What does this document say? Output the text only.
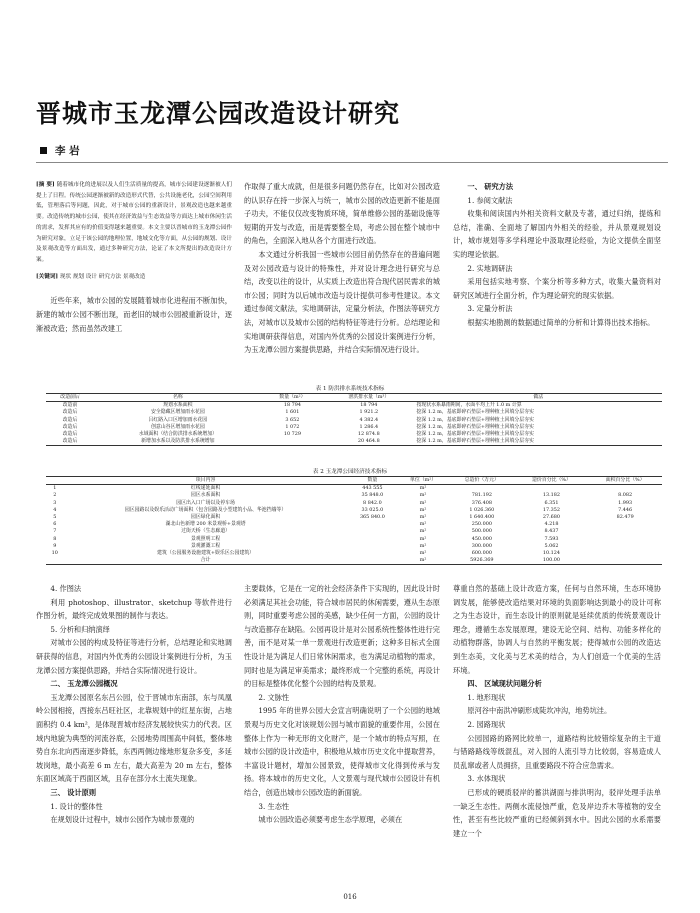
晋城市玉龙潭公园改造设计研究
李 岩

[摘 要] 随着城市化的进展以及人们生活质量的提高，城市公园建设逐渐被人们提上了日程。传统公园逐渐被新的改造形式代替，公共设施老化，公园空间利用低，管理落后等问题，因此，对于城市公园的重新设计，景观改造也越来越重要。改造传统的城市公园，使其在经济效益与生态效益等方面达上城市休闲生活的需求，发挥其应有的价值变得越来越重要。本文主要以晋城市的玉龙潭公园作为研究对象，立足于该公园的地理位置，地域文化等方面，从公园的规划、设计及景观改造等方面出发，通过多种研究方法，论证了本文所提出的改造设计方案。

[关键词] 现状 规划 设计 研究方法 景观改造

近些年来，城市公园的发展随着城市化进程而不断加快，新建的城市公园不断出现，而老旧的城市公园被重新设计，逐渐被改造；然而虽然改建工

作取得了重大成就，但是很多问题仍然存在，比如对公园改造的认识存在持一步深入与统一，城市公园的改造更新不能是面子功夫，不能仅仅改变物质环境，简单维修公园的基础设施等短期的开发与改造，而是需要整全局，考虑公园在整个城市中的角色，全面深入地从各个方面进行改造。

本文通过分析我国一些城市公园目前仍然存在的普遍问题及对公园改造与设计的特殊性，并对设计理念进行研究与总结，改变以往的设计，从实质上改造出符合现代居民需求的城市公园；同时为以后城市改造与设计提供可参考性建议。本文通过参阅文献法，实地调研法，定量分析法，作图法等研究方法，对城市以及城市公园的结构特征等进行分析。总结理论和实地调研获得信息，对国内外优秀的公园设计案例进行分析，为玉龙潭公园方案提供思路，并结合实际情况进行设计。

一、 研究方法

1. 参阅文献法

收集和阅读国内外相关资料文献及专著，通过归纳，提炼和总结，准确、全面地了解国内外相关的经验，并从景观规划设计，城市规划等多学科理论中汲取理论经验，为论文提供全面坚实的理论依据。

2. 实地调研法

采用包括实地考察、个案分析等多种方式，收集大量资料对研究区域进行全面分析，作为理论研究的现实依据。

3. 定量分析法

根据实地勘测的数据通过简单的分析和计算得出技术指标。

表 1 防洪排水系统技术指标
改造前后	名称	数量（m²）	泄洪排水量（m³）	做法
改造前	规划水系面积	18 794	18 794	按现状水系暴雨期间，水面平均上升 1.0 m 计算
改造后	安全隐藏区增加雨水花园	1 601	1 921.2	挖深 1.2 m，基底即碎石垫层+埋种植土回填分层夯实
改造后	吕红路入口区增加雨水花园	3 652	4 382.4	挖深 1.2 m，基底即碎石垫层+埋种植土回填分层夯实
改造后	创意山谷区增加雨水花园	1 072	1 286.4	挖深 1.2 m，基底即碎石垫层+埋种植土回填分层夯实
改造后	水域面积（结合防洪排水系统增加）	10 729	12 874.8	挖深 1.2 m，基底即碎石垫层+埋种植土回填分层夯实
改造后	新增加水系以及防洪排水系统增加		20 464.8	挖深 1.2 m，基底即碎石垫层+埋种植土回填分层夯实
表 2 玉龙潭公园经济技术指标
	项目内容	数量	单位（m²）	总造价（万元）	造价百分比（%）	面积百分比（%）
1	红线递延面积	443 555	m²			
2	园区水系面积	35 848.0	m²	781.192	13.182	8.082
3	园区出入口广场以及停车场	8 842.0	m²	376.408	6.351	1.993
4	园区园路以及娱乐活动广场面积（包含园路及小型建筑小品、华池挡墙等）	33 025.0	m²	1 026.360	17.352	7.446
5	园区绿化面积	365 840.0	m²	1 640.400	27.680	82.479
6	湖北山色新增 200 米景观桥+景观塔		m²	250.000	4.218	
7	过街天桥（生态廊道）		m²	500.000	8.437	
8	景观照明工程		m²	450.000	7.593	
9	景观灌溉工程		m²	300.000	5.062	
10	建筑（公园服务设施建筑+娱乐区公园建筑）		m²	600.000	10.124	
	合计		m²	5926.369	100.00	

4. 作图法

利用 photoshop、illustrator、sketchup 等软件进行作图分析，最终完成效果图的制作与表达。

5. 分析和归纳演绎

对城市公园的构成及特征等进行分析，总结理论和实地调研获得的信息，对国内外优秀的公园设计案例进行分析，为玉龙潭公园方案提供思路，并结合实际情况进行设计。

二、 玉龙潭公园概况

玉龙潭公园原名东吕公园，位于晋城市东南部，东与凤凰岭公园相接，西接东吕旺社区，北靠规划中的红星东街，占地面积约 0.4 km²，是体现晋城市经济发展较快实力的代表。区域内地貌为典型的河流谷底，公园地势周围高中间低，整体地势自东北向西南逐步降低，东西两侧边缘地形复杂多变，多延坡岗地，最小高差 6 m 左右，最大高差为 20 m 左右，整体东面区域高于西面区域，且存在部分水土流失现象。

三、 设计原则

1. 设计的整体性

在规划设计过程中，城市公园作为城市景观的

主要载体，它是在一定的社会经济条件下实现的，因此设计时必须满足其社会功能，符合城市居民的休闲需要，遵从生态原则，同时重要考虑公园的美感，缺少任何一方面，公园的设计与改造都存在缺陷。公园再设计是对公园系统性整体性进行完善，而不是对某一单一景观进行改造更新；这种多目标式全面性设计是为满足人们日常休闲需求，也为满足动植物的需求，同时也是为满足审美需求；最终形成一个完整的系统，再设计的目标是整体优化整个公园的结构及景观。

2. 文脉性

1995 年的世界公园大会宣言明确说明了一个公园的地域景观与历史文化对该规划公园与城市面貌的重要作用，公园在整体上作为一种无形的文化财产，是一个城市的特点写照，在城市公园的设计改造中，积极地从城市历史文化中提取营养，丰富设计题材，增加公园景致，使得城市文化得到传承与发扬。将本城市的历史文化，人文景观与现代城市公园设计有机结合，创造出城市公园改造的新面貌。

3. 生态性

城市公园改造必须要考虑生态学原理，必须在

尊重自然的基础上设计改造方案，任何与自然环境，生态环境协调发展，能够使改造结果对环境的负面影响达到最小的设计可称之为生态设计，而生态设计的原则就是延续优质的传统景观设计理念，遵循生态发展原理，建设无论空间、结构、功能多样化的动植物群落，协调人与自然的平衡发展；使得城市公园的改造达到生态美，文化美与艺术美的结合，为人们创造一个优美的生活环境。

四、 区域现状问题分析

1. 地形现状

原河谷中南洪冲刷形成陡坎冲沟，地势坑洼。

2. 园路现状

公园园路的路网比较单一，道路结构比较错综复杂的主干道与错路路线等级混乱，对入园的人流引导力比较弱，容易造成人员乱窜或者人员拥挤，且重要路段不符合应急需求。

3. 水体现状

已形成的硬质驳岸的蓄洪湖面与排洪明沟，驳岸处理手法单一缺乏生态性。两侧水流侵蚀严重，危及岸边乔木等植物的安全性，甚至有些比较严重的已经倾斜到水中。因此公园的水系需要建立一个

016
